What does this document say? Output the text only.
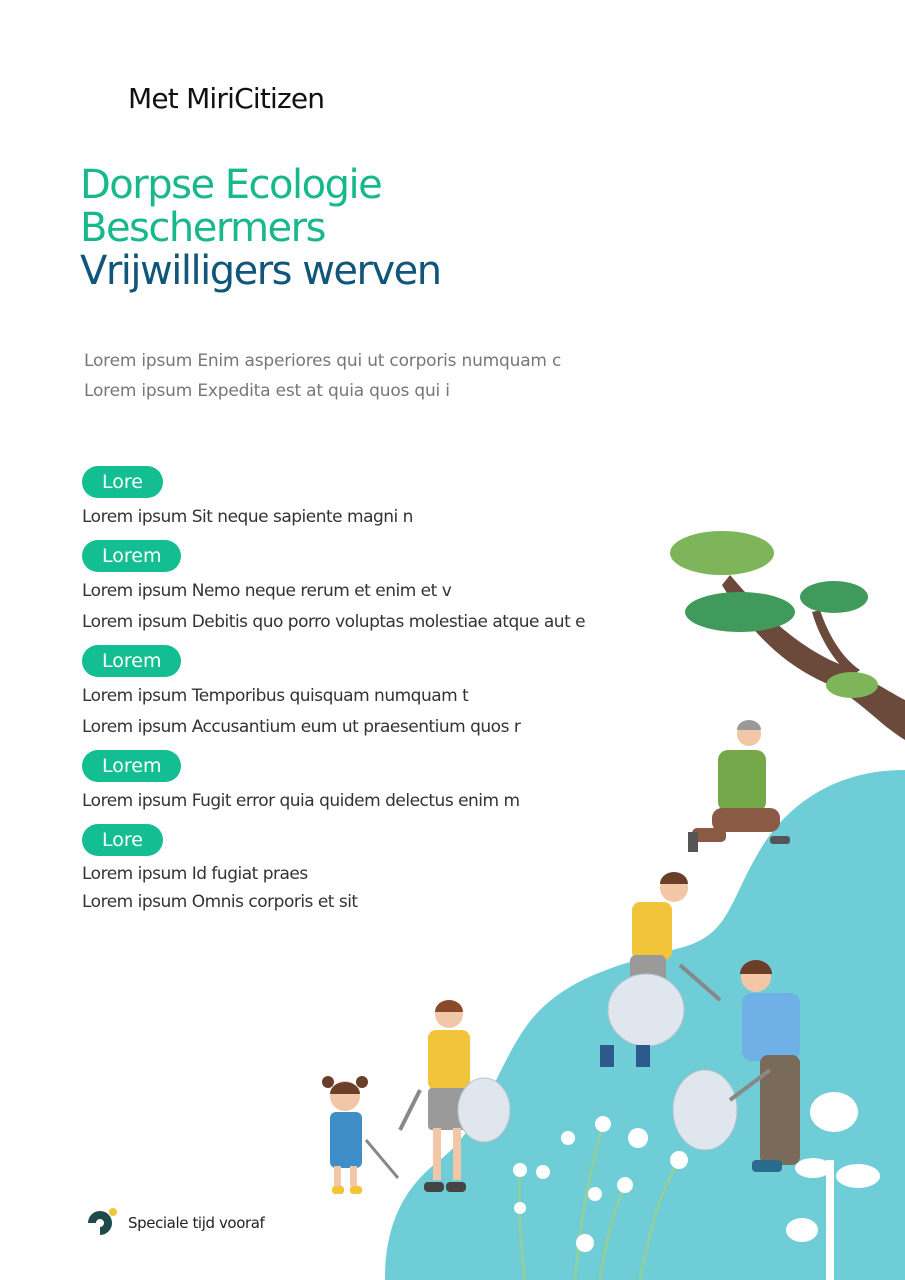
Met MiriCitizen
Dorpse Ecologie
Beschermers
Vrijwilligers werven
Lorem ipsum Enim asperiores qui ut corporis numquam c
Lorem ipsum Expedita est at quia quos qui i
Lore
Lorem ipsum Sit neque sapiente magni n
Lorem
Lorem ipsum Nemo neque rerum et enim et v
Lorem ipsum Debitis quo porro voluptas molestiae atque aut e
Lorem
Lorem ipsum Temporibus quisquam numquam t
Lorem ipsum Accusantium eum ut praesentium quos r
Lorem
Lorem ipsum Fugit error quia quidem delectus enim m
Lore
Lorem ipsum Id fugiat praes
Lorem ipsum Omnis corporis et sit
Speciale tijd vooraf
